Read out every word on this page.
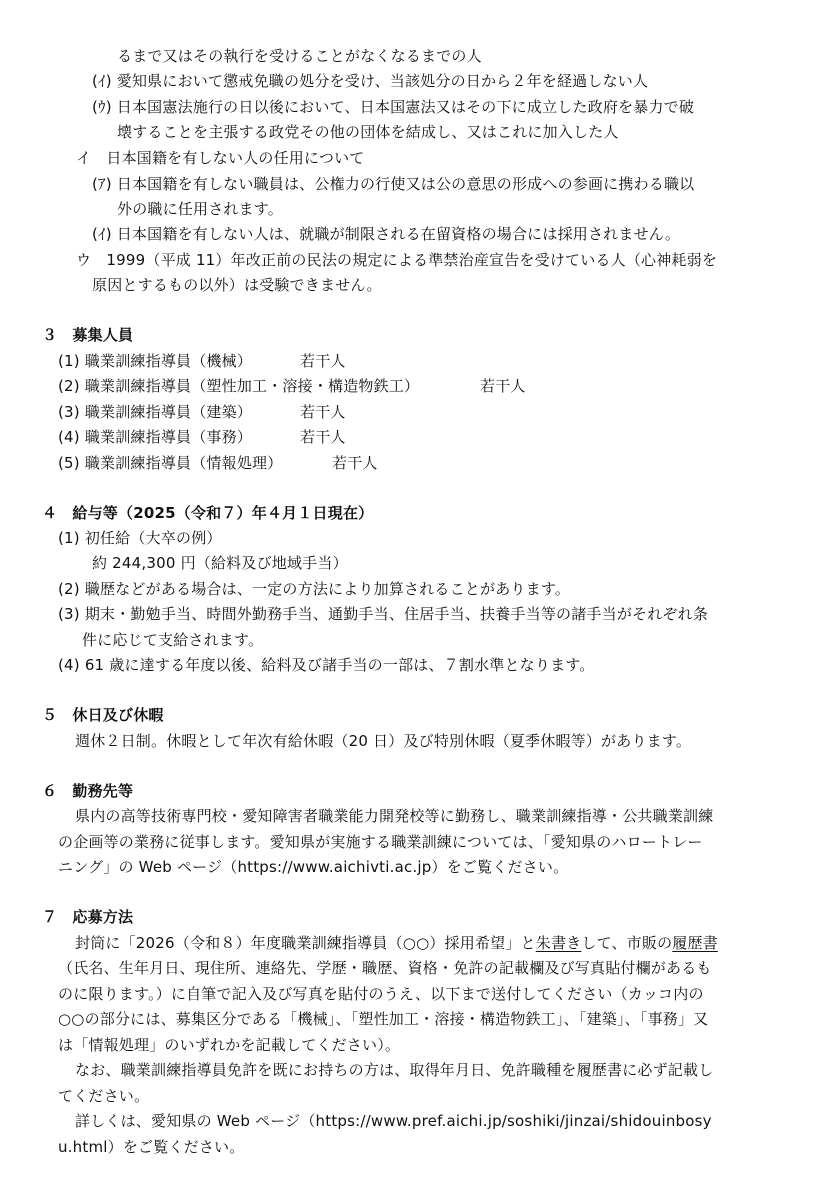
るまで又はその執行を受けることがなくなるまでの人
(ｲ) 愛知県において懲戒免職の処分を受け、当該処分の日から２年を経過しない人
(ｳ) 日本国憲法施行の日以後において、日本国憲法又はその下に成立した政府を暴力で破
壊することを主張する政党その他の団体を結成し、又はこれに加入した人
イ　日本国籍を有しない人の任用について
(ｱ) 日本国籍を有しない職員は、公権力の行使又は公の意思の形成への参画に携わる職以
外の職に任用されます。
(ｲ) 日本国籍を有しない人は、就職が制限される在留資格の場合には採用されません。
ウ　1999（平成 11）年改正前の民法の規定による準禁治産宣告を受けている人（心神耗弱を
原因とするもの以外）は受験できません。
３　募集人員
(1) 職業訓練指導員（機械）	若干人
(2) 職業訓練指導員（塑性加工・溶接・構造物鉄工）	若干人
(3) 職業訓練指導員（建築）	若干人
(4) 職業訓練指導員（事務）	若干人
(5) 職業訓練指導員（情報処理）	若干人
４　給与等（2025（令和７）年４月１日現在）
(1) 初任給（大卒の例）
約 244,300 円（給料及び地域手当）
(2) 職歴などがある場合は、一定の方法により加算されることがあります。
(3) 期末・勤勉手当、時間外勤務手当、通勤手当、住居手当、扶養手当等の諸手当がそれぞれ条
件に応じて支給されます。
(4) 61 歳に達する年度以後、給料及び諸手当の一部は、７割水準となります。
５　休日及び休暇
週休２日制。休暇として年次有給休暇（20 日）及び特別休暇（夏季休暇等）があります。
６　勤務先等
県内の高等技術専門校・愛知障害者職業能力開発校等に勤務し、職業訓練指導・公共職業訓練
の企画等の業務に従事します。愛知県が実施する職業訓練については、「愛知県のハロートレー
ニング」の Web ページ（https://www.aichivti.ac.jp）をご覧ください。
７　応募方法
封筒に「2026（令和８）年度職業訓練指導員（○○）採用希望」と朱書きして、市販の履歴書
（氏名、生年月日、現住所、連絡先、学歴・職歴、資格・免許の記載欄及び写真貼付欄があるも
のに限ります。）に自筆で記入及び写真を貼付のうえ、以下まで送付してください（カッコ内の
○○の部分には、募集区分である「機械」、「塑性加工・溶接・構造物鉄工」、「建築」、「事務」又
は「情報処理」のいずれかを記載してください）。
なお、職業訓練指導員免許を既にお持ちの方は、取得年月日、免許職種を履歴書に必ず記載し
てください。
詳しくは、愛知県の Web ページ（https://www.pref.aichi.jp/soshiki/jinzai/shidouinbosy
u.html）をご覧ください。
